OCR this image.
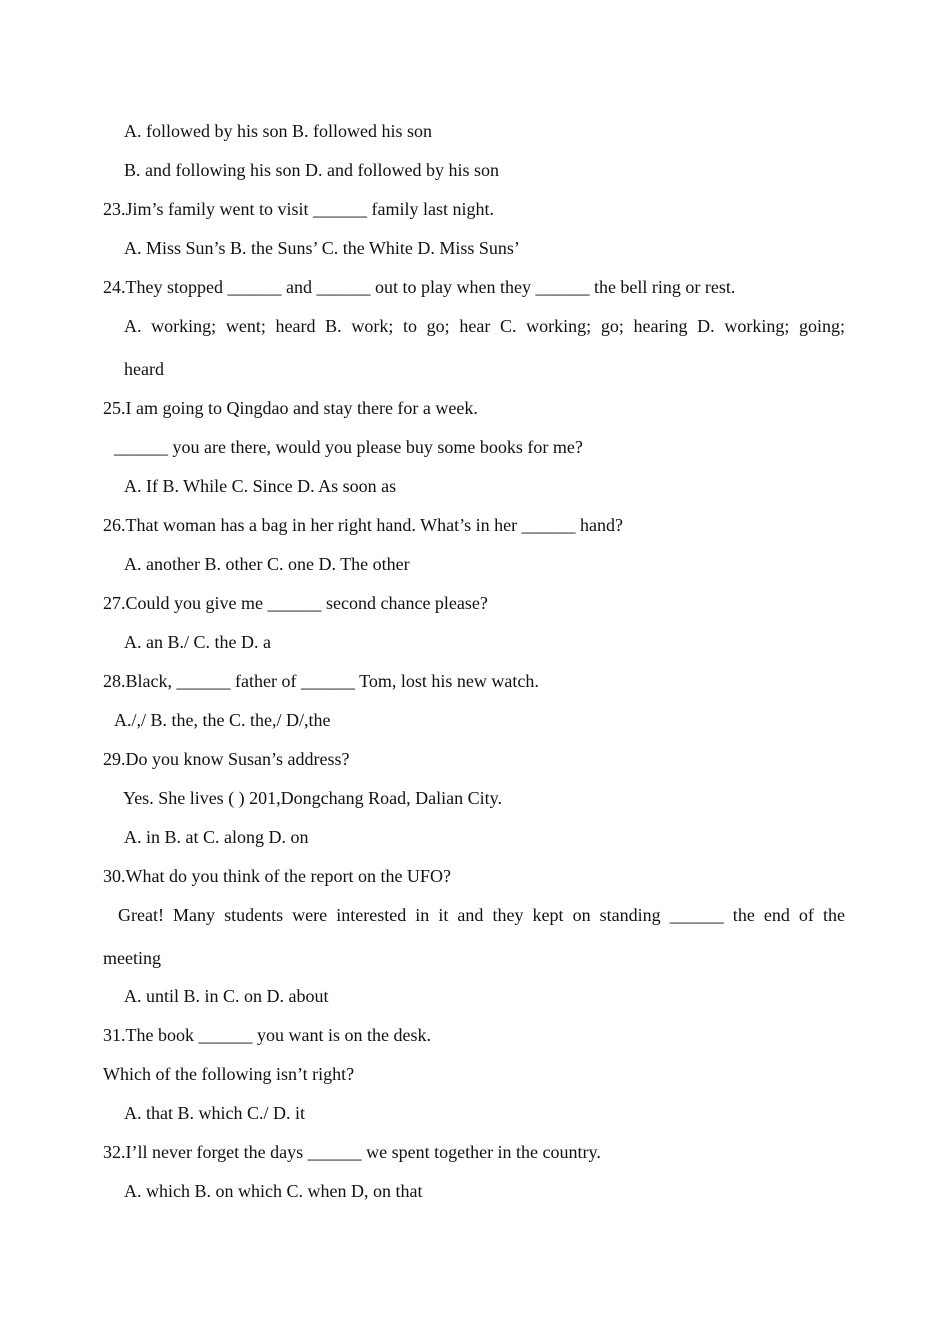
A. followed by his son B. followed his son
B. and following his son D. and followed by his son
23.Jim’s family went to visit ______ family last night.
A. Miss Sun’s B. the Suns’ C. the White D. Miss Suns’
24.They stopped ______ and ______ out to play when they ______ the bell ring or rest.
A. working; went; heard B. work; to go; hear C. working; go; hearing D. working; going;
heard
25.I am going to Qingdao and stay there for a week.
______ you are there, would you please buy some books for me?
A. If B. While C. Since D. As soon as
26.That woman has a bag in her right hand. What’s in her ______ hand?
A. another B. other C. one D. The other
27.Could you give me ______ second chance please?
A. an B./ C. the D. a
28.Black, ______ father of ______ Tom, lost his new watch.
A./,/ B. the, the C. the,/ D/,the
29.Do you know Susan’s address?
Yes. She lives ( ) 201,Dongchang Road, Dalian City.
A. in B. at C. along D. on
30.What do you think of the report on the UFO?
Great! Many students were interested in it and they kept on standing ______ the end of the
meeting
A. until B. in C. on D. about
31.The book ______ you want is on the desk.
Which of the following isn’t right?
A. that B. which C./ D. it
32.I’ll never forget the days ______ we spent together in the country.
A. which B. on which C. when D, on that
